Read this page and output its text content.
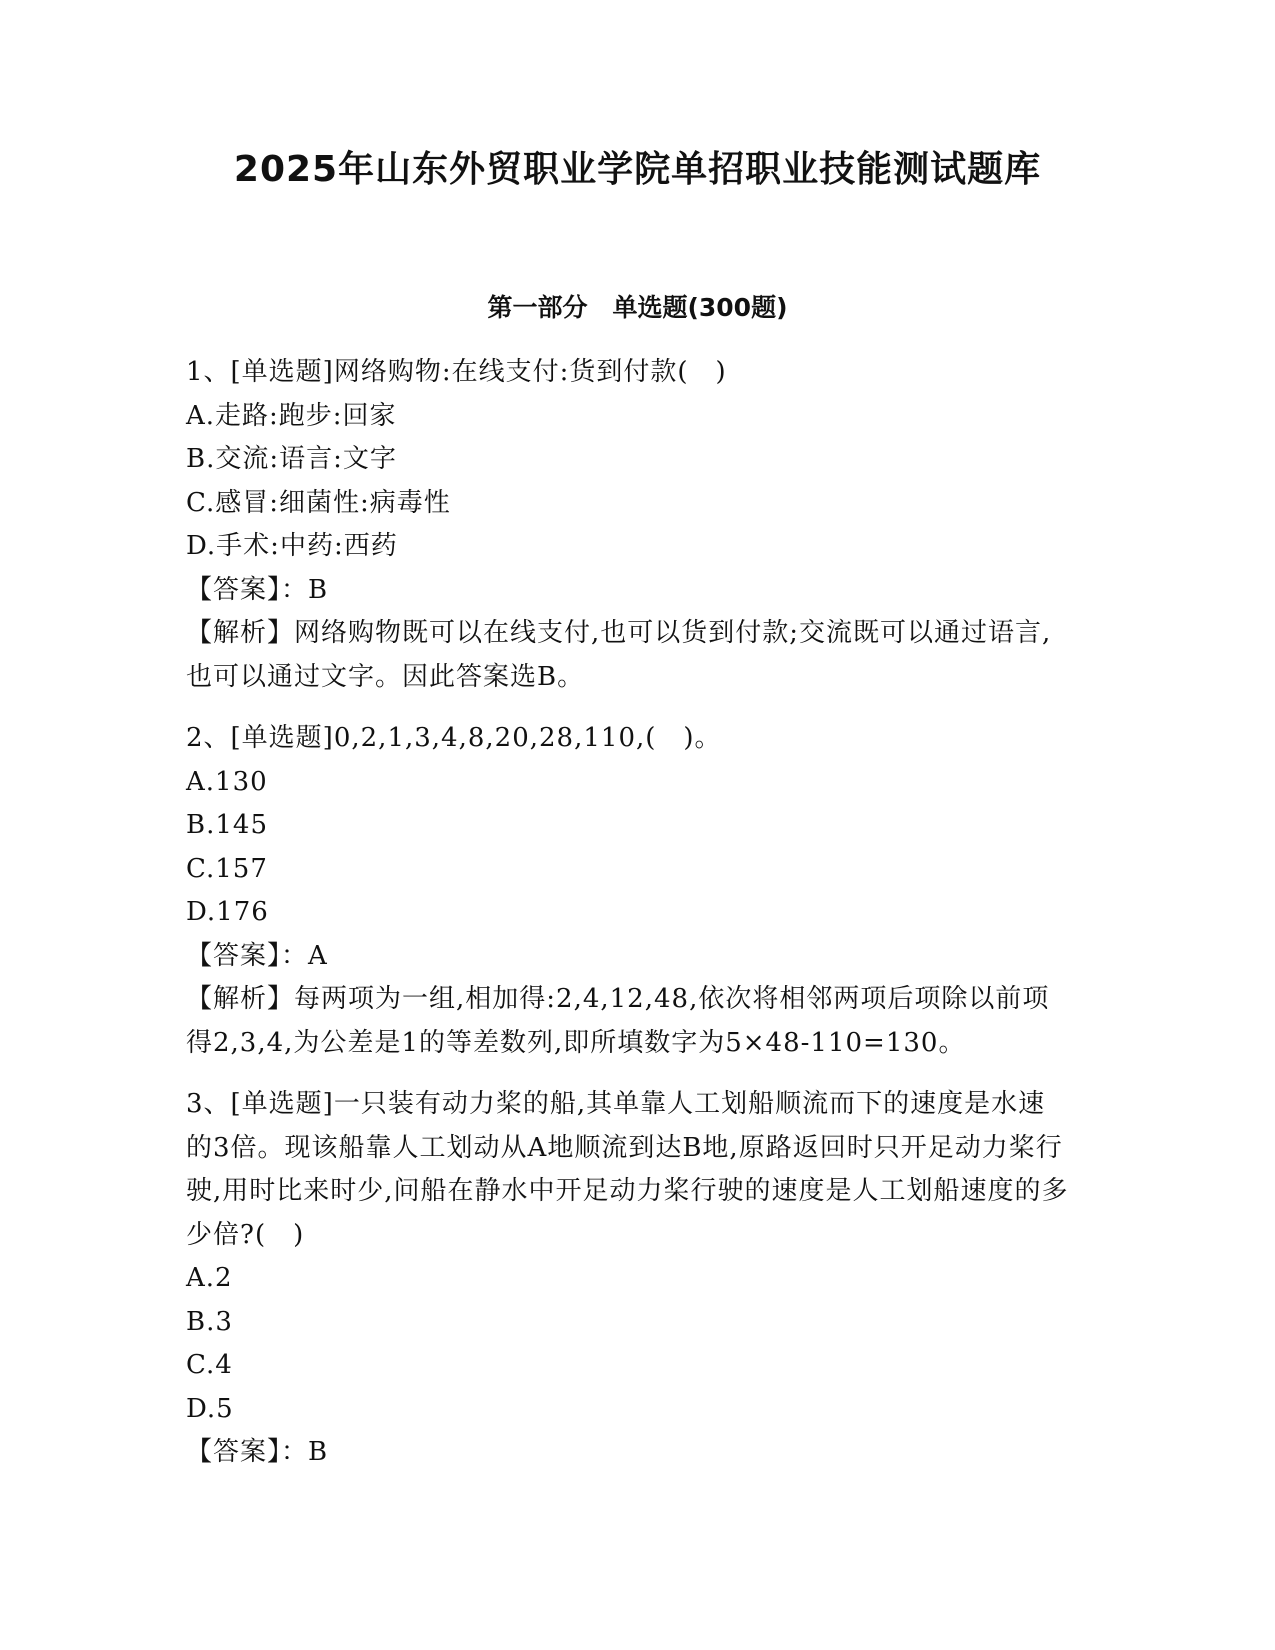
2025年山东外贸职业学院单招职业技能测试题库
第一部分　单选题(300题)
1、[单选题]网络购物:在线支付:货到付款(　)
A.走路:跑步:回家
B.交流:语言:文字
C.感冒:细菌性:病毒性
D.手术:中药:西药
【答案】：B
【解析】网络购物既可以在线支付,也可以货到付款;交流既可以通过语言,也可以通过文字。因此答案选B。
2、[单选题]0,2,1,3,4,8,20,28,110,(　)。
A.130
B.145
C.157
D.176
【答案】：A
【解析】每两项为一组,相加得:2,4,12,48,依次将相邻两项后项除以前项得2,3,4,为公差是1的等差数列,即所填数字为5×48-110=130。
3、[单选题]一只装有动力桨的船,其单靠人工划船顺流而下的速度是水速的3倍。现该船靠人工划动从A地顺流到达B地,原路返回时只开足动力桨行驶,用时比来时少,问船在静水中开足动力桨行驶的速度是人工划船速度的多少倍?(　)
A.2
B.3
C.4
D.5
【答案】：B
